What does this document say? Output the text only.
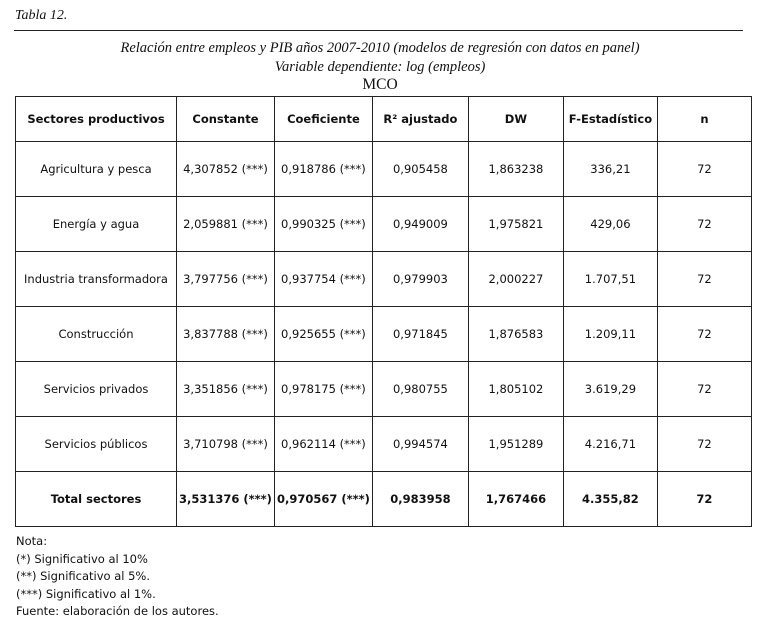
Tabla 12.
Relación entre empleos y PIB años 2007-2010 (modelos de regresión con datos en panel)
Variable dependiente: log (empleos)
MCO
Sectores productivos	Constante	Coeficiente	R² ajustado	DW	F-Estadístico	n
Agricultura y pesca	4,307852 (***)	0,918786 (***)	0,905458	1,863238	336,21	72
Energía y agua	2,059881 (***)	0,990325 (***)	0,949009	1,975821	429,06	72
Industria transformadora	3,797756 (***)	0,937754 (***)	0,979903	2,000227	1.707,51	72
Construcción	3,837788 (***)	0,925655 (***)	0,971845	1,876583	1.209,11	72
Servicios privados	3,351856 (***)	0,978175 (***)	0,980755	1,805102	3.619,29	72
Servicios públicos	3,710798 (***)	0,962114 (***)	0,994574	1,951289	4.216,71	72
Total sectores	3,531376 (***)	0,970567 (***)	0,983958	1,767466	4.355,82	72
Nota:
(*) Significativo al 10%
(**) Significativo al 5%.
(***) Significativo al 1%.
Fuente: elaboración de los autores.
